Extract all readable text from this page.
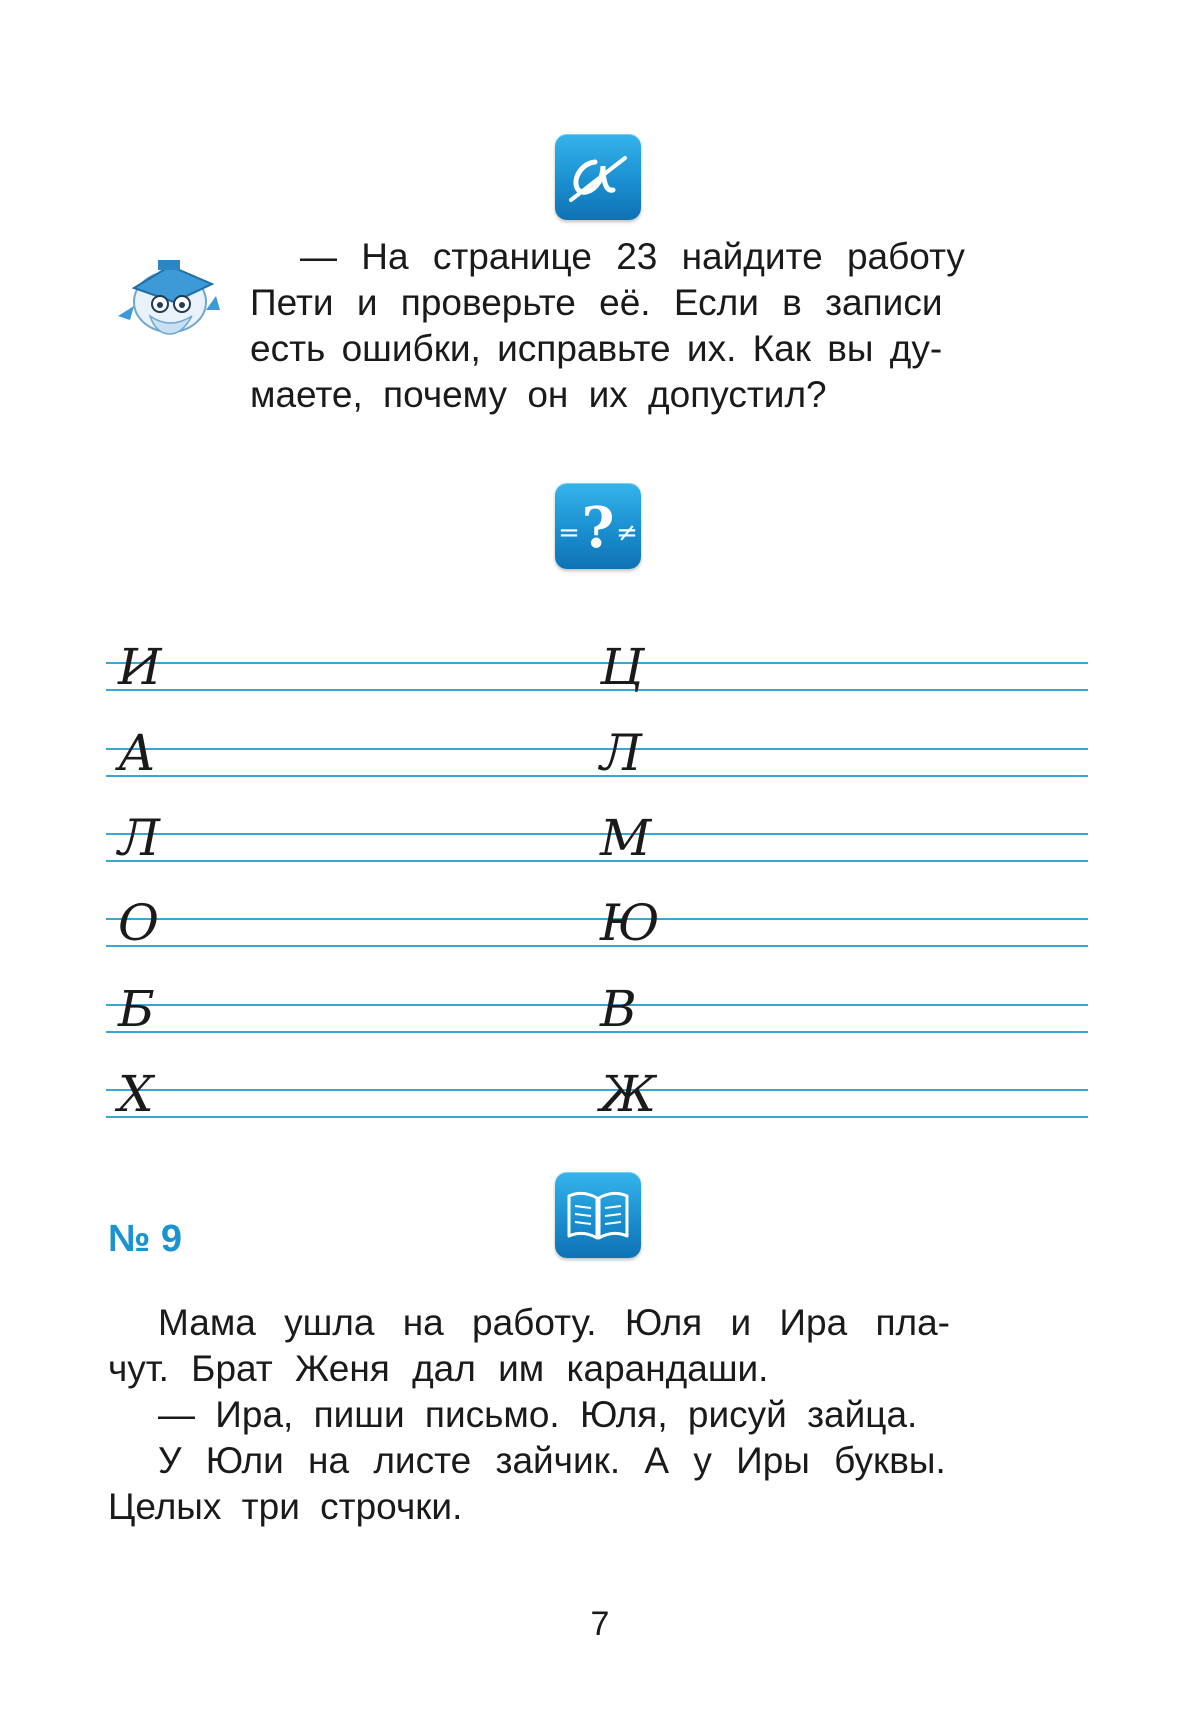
— На странице 23 найдите работу
Пети и проверьте её. Если в записи
есть ошибки, исправьте их. Как вы ду-
маете, почему он их допустил?
?
= ≠
И	Ц
А	Л
Л	М
О	Ю
Б	В
Х	Ж
№ 9
Мама ушла на работу. Юля и Ира пла-
чут. Брат Женя дал им карандаши.
— Ира, пиши письмо. Юля, рисуй зайца.
У Юли на листе зайчик. А у Иры буквы.
Целых три строчки.
7
